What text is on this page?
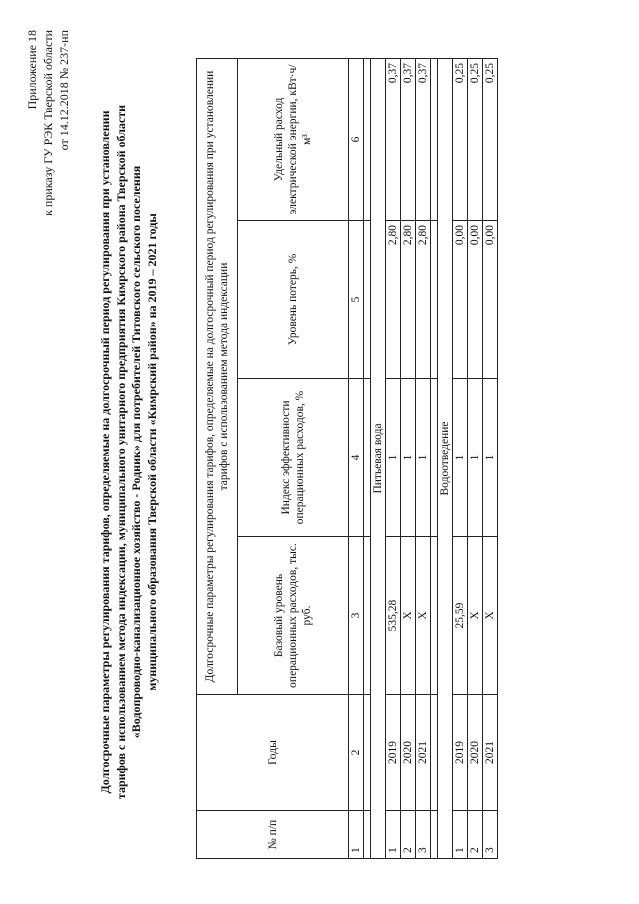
Приложение 18 к приказу ГУ РЭК Тверской области от 14.12.2018 № 237-нп
Долгосрочные параметры регулирования тарифов, определяемые на долгосрочный период регулирования при установлении тарифов с использованием метода индексации, муниципального унитарного предприятия Кимрского района Тверской области «Водопроводно-канализационное хозяйство - Родник» для потребителей Титовского сельского поселения муниципального образования Тверской области «Кимрский район» на 2019 – 2021 годы
№ п/п	Годы	Долгосрочные параметры регулирования тарифов, определяемые на долгосрочный период регулирования при установлении тарифов с использованием метода индексации			
		Базовый уровень операционных расходов, тыс. руб.	Индекс эффективности операционных расходов, %	Уровень потерь, %	Удельный расход электрической энергии, кВт·ч/м³
1	2	3	4	5	6

Питьевая вода					
1	2019	535,28	1	2,80	0,37
2	2020	X	1	2,80	0,37
3	2021	X	1	2,80	0,37

Водоотведение					
1	2019	25,59	1	0,00	0,25
2	2020	X	1	0,00	0,25
3	2021	X	1	0,00	0,25
